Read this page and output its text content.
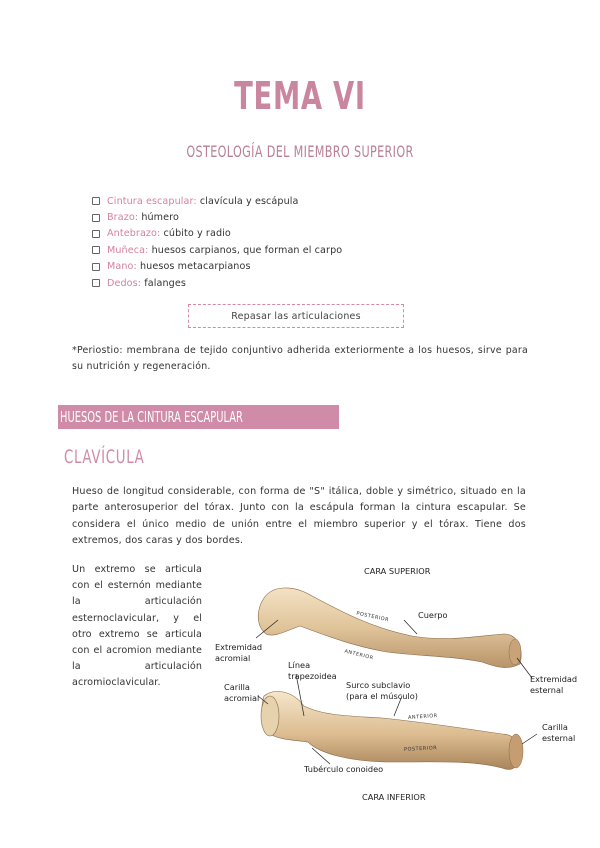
TEMA VI
OSTEOLOGÍA DEL MIEMBRO SUPERIOR
Cintura escapular:
clavícula y escápula
Brazo:
húmero
Antebrazo:
cúbito y radio
Muñeca:
huesos carpianos, que forman el carpo
Mano:
huesos metacarpianos
Dedos:
falanges
Repasar las articulaciones
*Periostio: membrana de tejido conjuntivo adherida exteriormente a los huesos, sirve para su nutrición y regeneración.
HUESOS DE LA CINTURA ESCAPULAR
CLAVÍCULA
Hueso de longitud considerable, con forma de "S" itálica, doble y simétrico, situado en la parte anterosuperior del tórax. Junto con la escápula forman la cintura escapular. Se considera el único medio de unión entre el miembro superior y el tórax. Tiene dos extremos, dos caras y dos bordes.
Un extremo se articula con el esternón mediante la articulación esternoclavicular, y el otro extremo se articula con el acromion mediante la articulación acromioclavicular.
CARA SUPERIOR
CARA INFERIOR
Cuerpo
Extremidad
acromial
Extremidad
esternal
Línea
trapezoidea
Carilla
acromial
Surco subclavio
(para el músculo)
Carilla
esternal
Tubérculo conoideo
POSTERIOR
ANTERIOR
ANTERIOR
POSTERIOR
